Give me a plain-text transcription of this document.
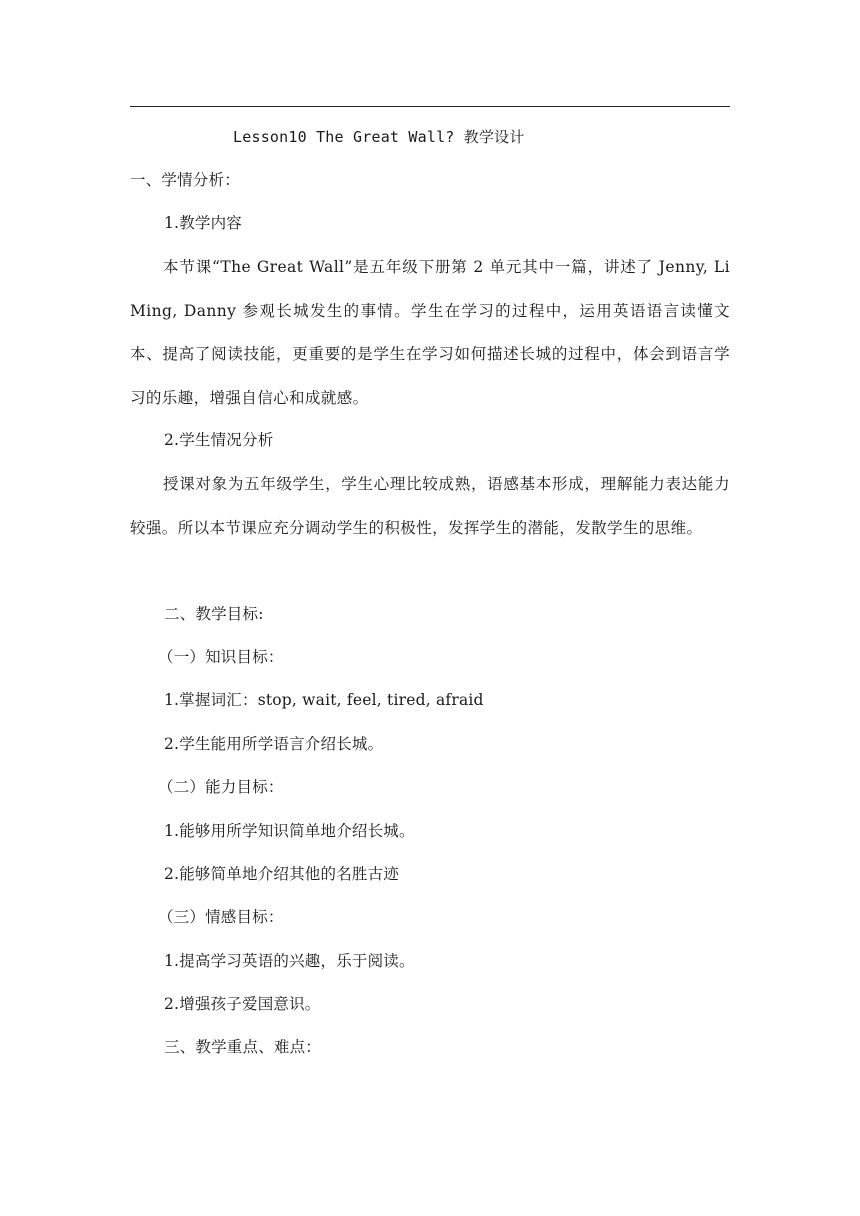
Lesson10 The Great Wall? 教学设计
一、学情分析：
1.教学内容
本节课“The Great Wall”是五年级下册第 2 单元其中一篇，讲述了 Jenny, Li Ming, Danny 参观长城发生的事情。学生在学习的过程中，运用英语语言读懂文本、提高了阅读技能，更重要的是学生在学习如何描述长城的过程中，体会到语言学习的乐趣，增强自信心和成就感。
2.学生情况分析
授课对象为五年级学生，学生心理比较成熟，语感基本形成，理解能力表达能力较强。所以本节课应充分调动学生的积极性，发挥学生的潜能，发散学生的思维。
二、教学目标:
（一）知识目标：
1.掌握词汇：stop, wait, feel, tired, afraid
2.学生能用所学语言介绍长城。
（二）能力目标：
1.能够用所学知识简单地介绍长城。
2.能够简单地介绍其他的名胜古迹
（三）情感目标：
1.提高学习英语的兴趣，乐于阅读。
2.增强孩子爱国意识。
三、教学重点、难点：
